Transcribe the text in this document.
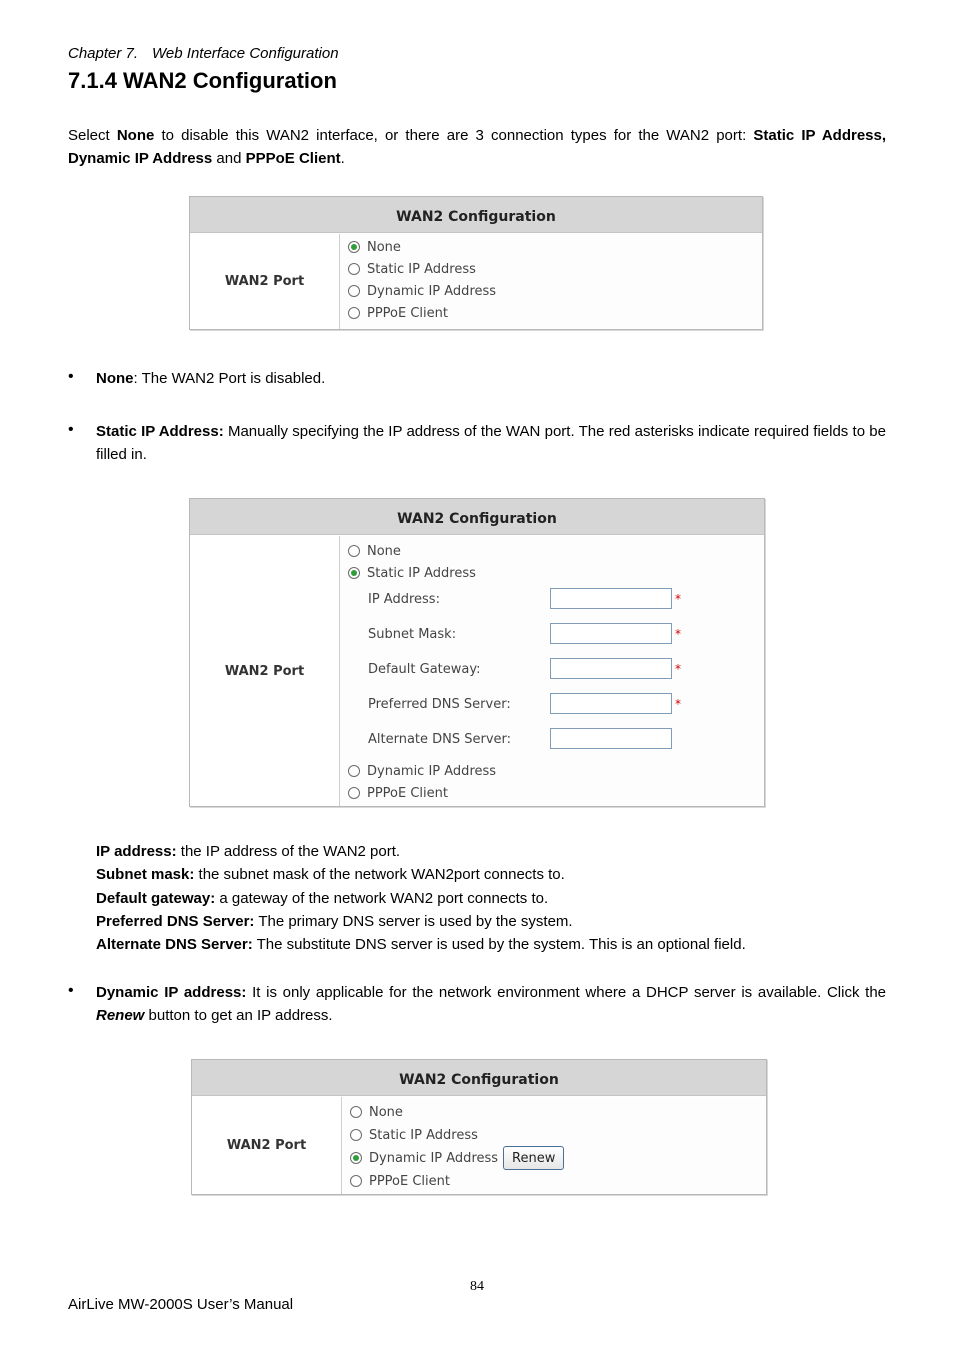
Chapter 7. Web Interface Configuration
7.1.4 WAN2 Configuration
Select None to disable this WAN2 interface, or there are 3 connection types for the WAN2 port: Static IP Address, Dynamic IP Address and PPPoE Client.
WAN2 Configuration
WAN2 Port
None
Static IP Address
Dynamic IP Address
PPPoE Client
• None: The WAN2 Port is disabled.
• Static IP Address: Manually specifying the IP address of the WAN port. The red asterisks indicate required fields to be filled in.
WAN2 Configuration
WAN2 Port
None
Static IP Address
IP Address:	*
Subnet Mask:	*
Default Gateway:	*
Preferred DNS Server:	*
Alternate DNS Server:
Dynamic IP Address
PPPoE Client
IP address: the IP address of the WAN2 port.
Subnet mask: the subnet mask of the network WAN2port connects to.
Default gateway: a gateway of the network WAN2 port connects to.
Preferred DNS Server: The primary DNS server is used by the system.
Alternate DNS Server: The substitute DNS server is used by the system. This is an optional field.
• Dynamic IP address: It is only applicable for the network environment where a DHCP server is available. Click the Renew button to get an IP address.
WAN2 Configuration
WAN2 Port
None
Static IP Address
Dynamic IP Address	Renew
PPPoE Client
84
AirLive MW-2000S User’s Manual
